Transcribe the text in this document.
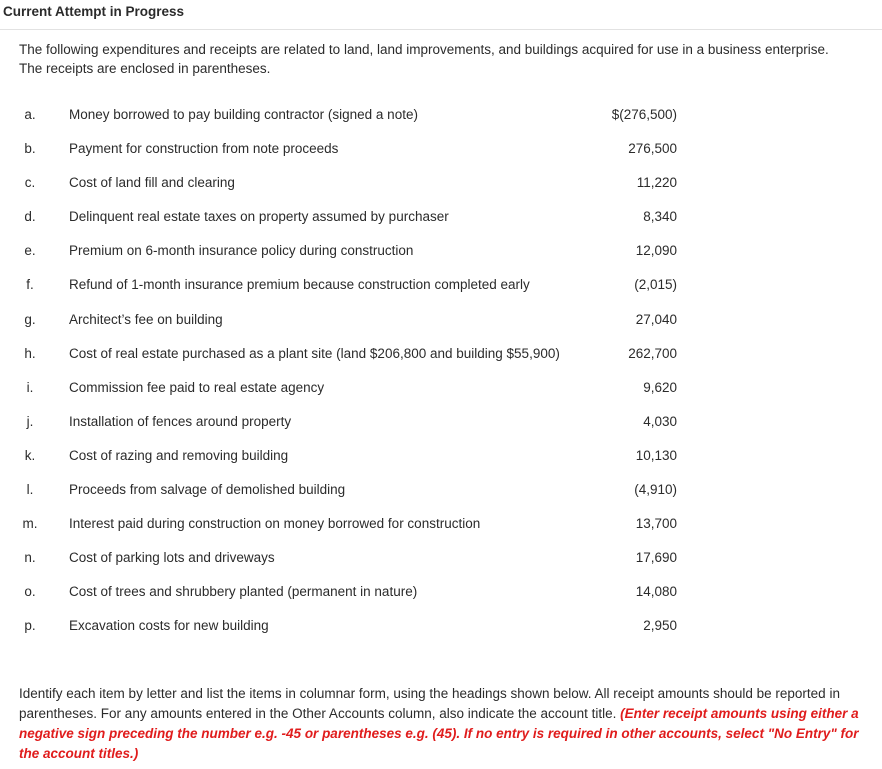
Current Attempt in Progress
The following expenditures and receipts are related to land, land improvements, and buildings acquired for use in a business enterprise. The receipts are enclosed in parentheses.
a.	Money borrowed to pay building contractor (signed a note)	$(276,500)
b.	Payment for construction from note proceeds	276,500
c.	Cost of land fill and clearing	11,220
d.	Delinquent real estate taxes on property assumed by purchaser	8,340
e.	Premium on 6-month insurance policy during construction	12,090
f.	Refund of 1-month insurance premium because construction completed early	(2,015)
g.	Architect’s fee on building	27,040
h.	Cost of real estate purchased as a plant site (land $206,800 and building $55,900)	262,700
i.	Commission fee paid to real estate agency	9,620
j.	Installation of fences around property	4,030
k.	Cost of razing and removing building	10,130
l.	Proceeds from salvage of demolished building	(4,910)
m. Interest paid during construction on money borrowed for construction	13,700
n.	Cost of parking lots and driveways	17,690
o.	Cost of trees and shrubbery planted (permanent in nature)	14,080
p.	Excavation costs for new building	2,950
Identify each item by letter and list the items in columnar form, using the headings shown below. All receipt amounts should be reported in parentheses. For any amounts entered in the Other Accounts column, also indicate the account title. (Enter receipt amounts using either a negative sign preceding the number e.g. -45 or parentheses e.g. (45). If no entry is required in other accounts, select "No Entry" for the account titles.)
